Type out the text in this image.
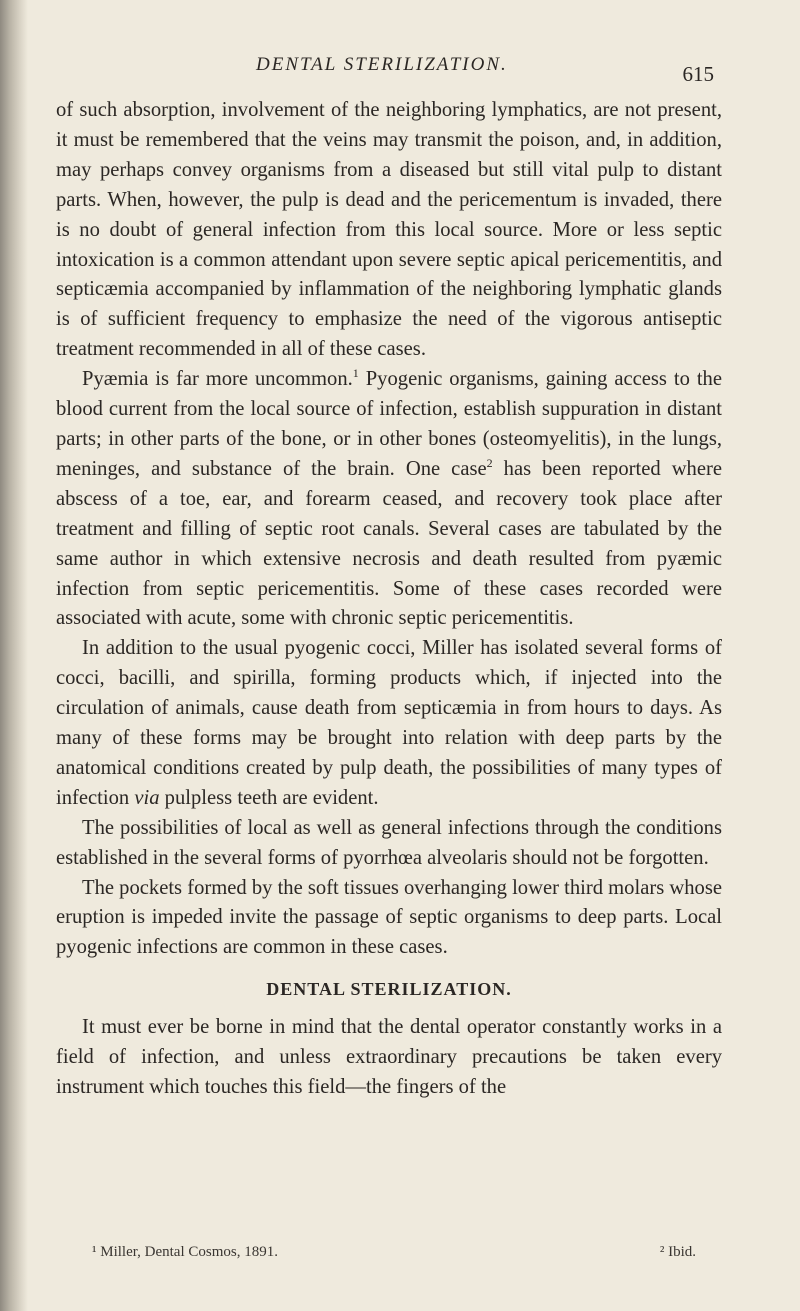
DENTAL STERILIZATION.	615

of such absorption, involvement of the neighboring lymphatics, are not present, it must be remembered that the veins may transmit the poison, and, in addition, may perhaps convey organisms from a diseased but still vital pulp to distant parts. When, however, the pulp is dead and the pericementum is invaded, there is no doubt of general infection from this local source. More or less septic intoxication is a common attendant upon severe septic apical pericementitis, and septicæmia accompanied by inflammation of the neighboring lymphatic glands is of sufficient frequency to emphasize the need of the vigorous antiseptic treatment recommended in all of these cases.

Pyæmia is far more uncommon.$^1$ Pyogenic organisms, gaining access to the blood current from the local source of infection, establish suppuration in distant parts; in other parts of the bone, or in other bones (osteomyelitis), in the lungs, meninges, and substance of the brain. One case$^2$ has been reported where abscess of a toe, ear, and forearm ceased, and recovery took place after treatment and filling of septic root canals. Several cases are tabulated by the same author in which extensive necrosis and death resulted from pyæmic infection from septic pericementitis. Some of these cases recorded were associated with acute, some with chronic septic pericementitis.

In addition to the usual pyogenic cocci, Miller has isolated several forms of cocci, bacilli, and spirilla, forming products which, if injected into the circulation of animals, cause death from septicæmia in from hours to days. As many of these forms may be brought into relation with deep parts by the anatomical conditions created by pulp death, the possibilities of many types of infection via pulpless teeth are evident.

The possibilities of local as well as general infections through the conditions established in the several forms of pyorrhœa alveolaris should not be forgotten.

The pockets formed by the soft tissues overhanging lower third molars whose eruption is impeded invite the passage of septic organisms to deep parts. Local pyogenic infections are common in these cases.

DENTAL STERILIZATION.

It must ever be borne in mind that the dental operator constantly works in a field of infection, and unless extraordinary precautions be taken every instrument which touches this field—the fingers of the

¹ Miller, Dental Cosmos, 1891.	² Ibid.
